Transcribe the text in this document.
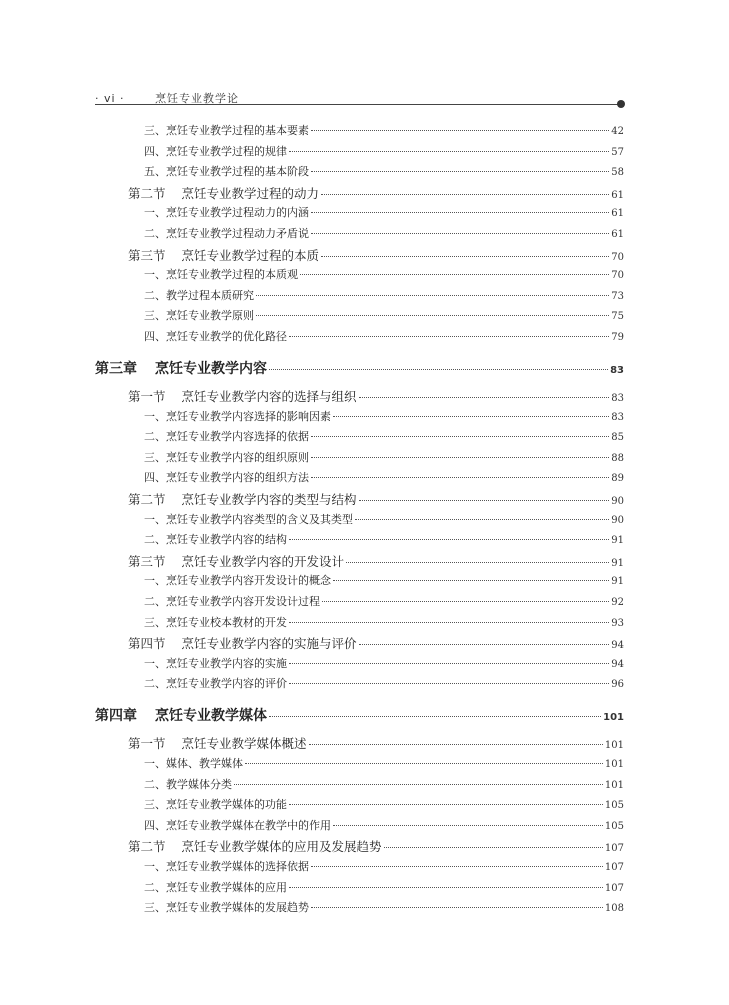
· vi ·	烹饪专业教学论
三、烹饪专业教学过程的基本要素	42
四、烹饪专业教学过程的规律	57
五、烹饪专业教学过程的基本阶段	58
第二节 烹饪专业教学过程的动力	61
一、烹饪专业教学过程动力的内涵	61
二、烹饪专业教学过程动力矛盾说	61
第三节 烹饪专业教学过程的本质	70
一、烹饪专业教学过程的本质观	70
二、教学过程本质研究	73
三、烹饪专业教学原则	75
四、烹饪专业教学的优化路径	79
第三章 烹饪专业教学内容	83
第一节 烹饪专业教学内容的选择与组织	83
一、烹饪专业教学内容选择的影响因素	83
二、烹饪专业教学内容选择的依据	85
三、烹饪专业教学内容的组织原则	88
四、烹饪专业教学内容的组织方法	89
第二节 烹饪专业教学内容的类型与结构	90
一、烹饪专业教学内容类型的含义及其类型	90
二、烹饪专业教学内容的结构	91
第三节 烹饪专业教学内容的开发设计	91
一、烹饪专业教学内容开发设计的概念	91
二、烹饪专业教学内容开发设计过程	92
三、烹饪专业校本教材的开发	93
第四节 烹饪专业教学内容的实施与评价	94
一、烹饪专业教学内容的实施	94
二、烹饪专业教学内容的评价	96
第四章 烹饪专业教学媒体	101
第一节 烹饪专业教学媒体概述	101
一、媒体、教学媒体	101
二、教学媒体分类	101
三、烹饪专业教学媒体的功能	105
四、烹饪专业教学媒体在教学中的作用	105
第二节 烹饪专业教学媒体的应用及发展趋势	107
一、烹饪专业教学媒体的选择依据	107
二、烹饪专业教学媒体的应用	107
三、烹饪专业教学媒体的发展趋势	108
